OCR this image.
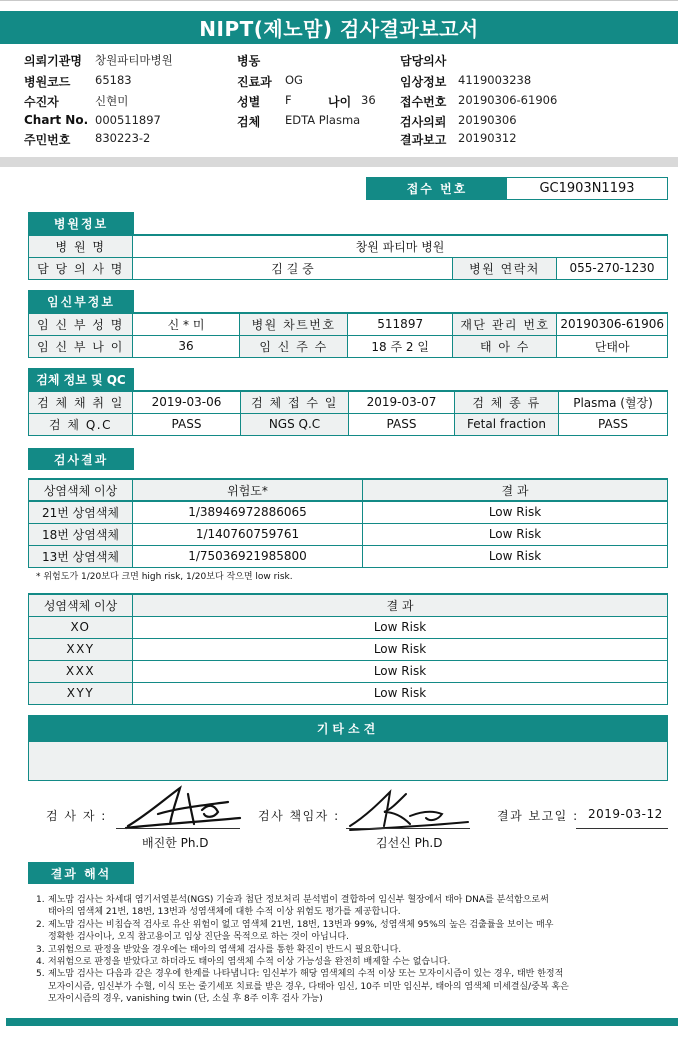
NIPT(제노맘) 검사결과보고서
의뢰기관명 창원파티마병원	병동	담당의사
병원코드 65183	진료과 OG	임상정보 4119003238
수진자	신현미	성별 F	나이 36 접수번호 20190306-61906
Chart No. 000511897	검체 EDTA Plasma	검사의뢰 20190306
주민번호 830223-2	결과보고 20190312
접수 번호	GC1903N1193
병원정보
병 원 명	창원 파티마 병원		
담 당 의 사 명	김 길 중	병원 연락처	055-270-1230
임신부정보
임 신 부 성 명	신 * 미	병원 차트번호	511897	재단 관리 번호	20190306-61906
임 신 부 나 이	36	임 신 주 수	18 주 2 일	태 아 수	단태아
검체 정보 및 QC
검 체 채 취 일	2019-03-06	검 체 접 수 일	2019-03-07	검 체 종 류	Plasma (혈장)
검 체 Q.C	PASS	NGS Q.C	PASS	Fetal fraction	PASS
검사결과
상염색체 이상	위험도*	결 과
21번 상염색체	1/38946972886065	Low Risk
18번 상염색체	1/140760759761	Low Risk
13번 상염색체	1/75036921985800	Low Risk
* 위험도가 1/20보다 크면 high risk, 1/20보다 작으면 low risk.
성염색체 이상	결 과
XO	Low Risk
XXY	Low Risk
XXX	Low Risk
XYY	Low Risk
기타소견
검 사 자 :
배진한 Ph.D
검사 책임자 :
김선신 Ph.D
결과 보고일 : 2019-03-12
결과 해석
1. 제노맘 검사는 차세대 염기서열분석(NGS) 기술과 첨단 정보처리 분석법이 결합하여 임신부 혈장에서 태아 DNA를 분석함으로써
태아의 염색체 21번, 18번, 13번과 성염색체에 대한 수적 이상 위험도 평가를 제공합니다.
2. 제노맘 검사는 비침습적 검사로 유산 위험이 없고 염색체 21번, 18번, 13번과 99%, 성염색체 95%의 높은 검출률을 보이는 매우
정확한 검사이나, 오직 참고용이고 임상 진단을 목적으로 하는 것이 아닙니다.
3. 고위험으로 판정을 받았을 경우에는 태아의 염색체 검사를 통한 확진이 반드시 필요합니다.
4. 저위험으로 판정을 받았다고 하더라도 태아의 염색체 수적 이상 가능성을 완전히 배제할 수는 없습니다.
5. 제노맘 검사는 다음과 같은 경우에 한계를 나타냅니다: 임신부가 해당 염색체의 수적 이상 또는 모자이시즘이 있는 경우, 태반 한정적
모자이시즘, 임신부가 수혈, 이식 또는 줄기세포 치료를 받은 경우, 다태아 임신, 10주 미만 임신부, 태아의 염색체 미세결실/중복 혹은
모자이시즘의 경우, vanishing twin (단, 소실 후 8주 이후 검사 가능)
